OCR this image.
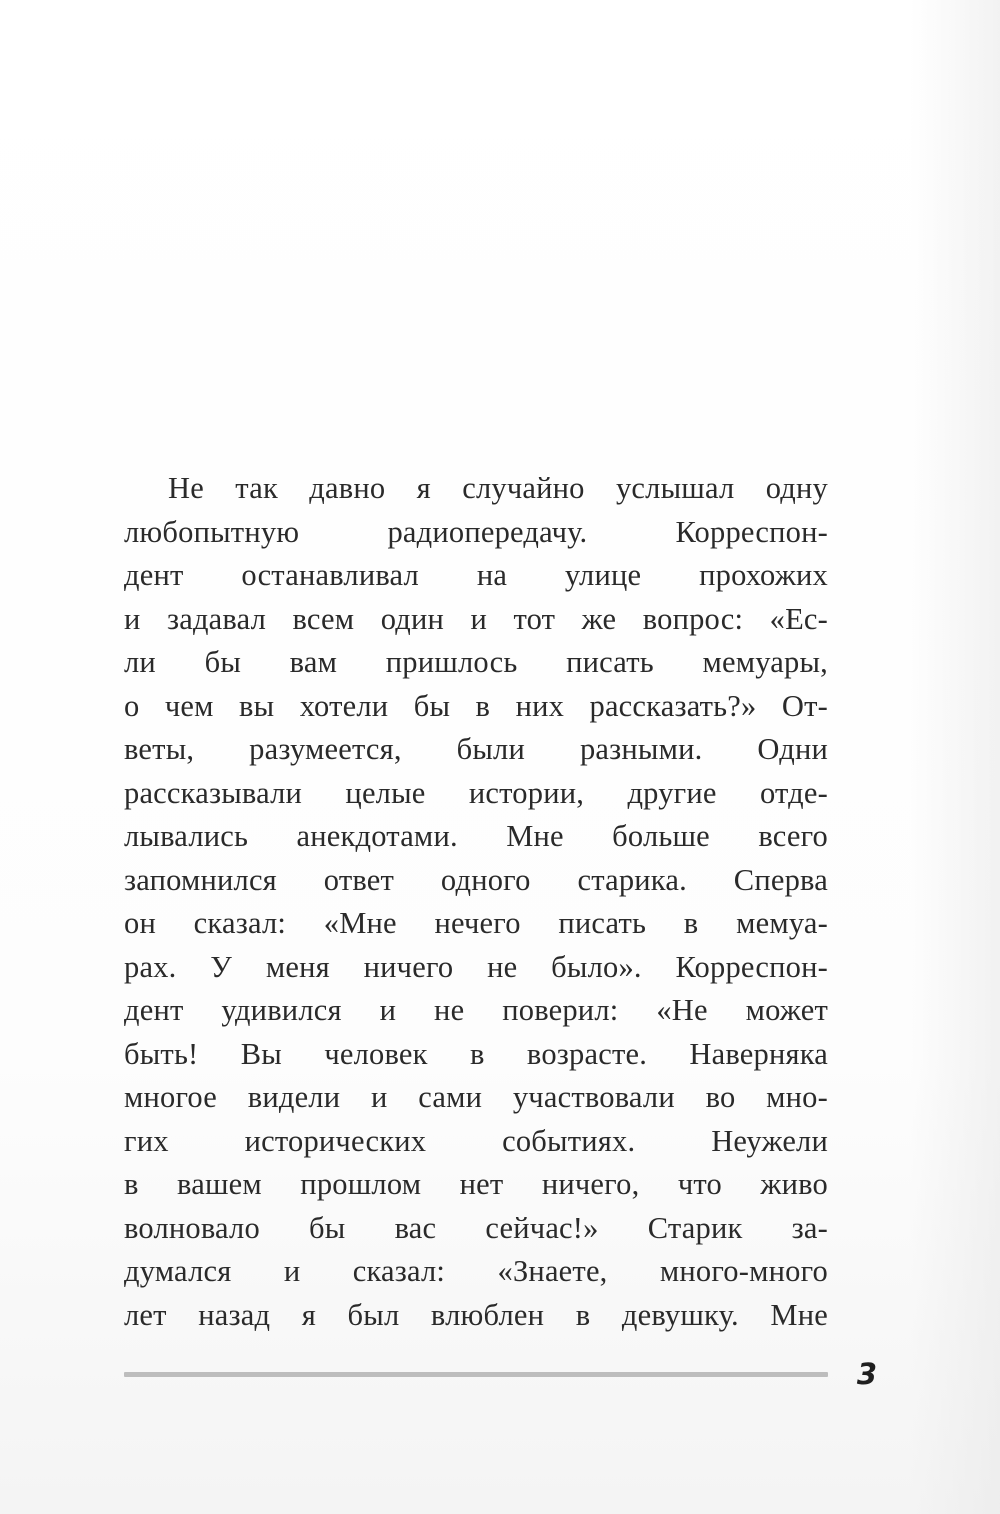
Не так давно я случайно услышал одну
любопытную радиопередачу. Корреспон-
дент останавливал на улице прохожих
и задавал всем один и тот же вопрос: «Ес-
ли бы вам пришлось писать мемуары,
о чем вы хотели бы в них рассказать?» От-
веты, разумеется, были разными. Одни
рассказывали целые истории, другие отде-
лывались анекдотами. Мне больше всего
запомнился ответ одного старика. Сперва
он сказал: «Мне нечего писать в мемуа-
рах. У меня ничего не было». Корреспон-
дент удивился и не поверил: «Не может
быть! Вы человек в возрасте. Наверняка
многое видели и сами участвовали во мно-
гих исторических событиях. Неужели
в вашем прошлом нет ничего, что живо
волновало бы вас сейчас!» Старик за-
думался и сказал: «Знаете, много-много
лет назад я был влюблен в девушку. Мне
3
